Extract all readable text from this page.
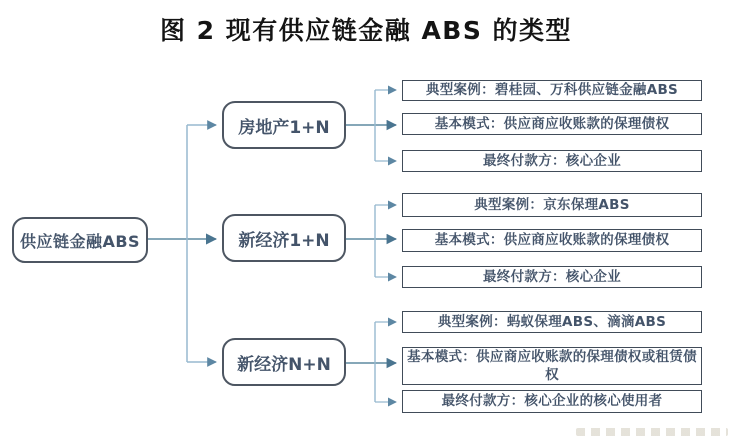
图 2 现有供应链金融 ABS 的类型
供应链金融ABS
房地产1+N
新经济1+N
新经济N+N
典型案例：碧桂园、万科供应链金融ABS
基本模式：供应商应收账款的保理债权
最终付款方：核心企业
典型案例：京东保理ABS
基本模式：供应商应收账款的保理债权
最终付款方：核心企业
典型案例：蚂蚁保理ABS、滴滴ABS
基本模式：供应商应收账款的保理债权或租赁债权
最终付款方：核心企业的核心使用者
